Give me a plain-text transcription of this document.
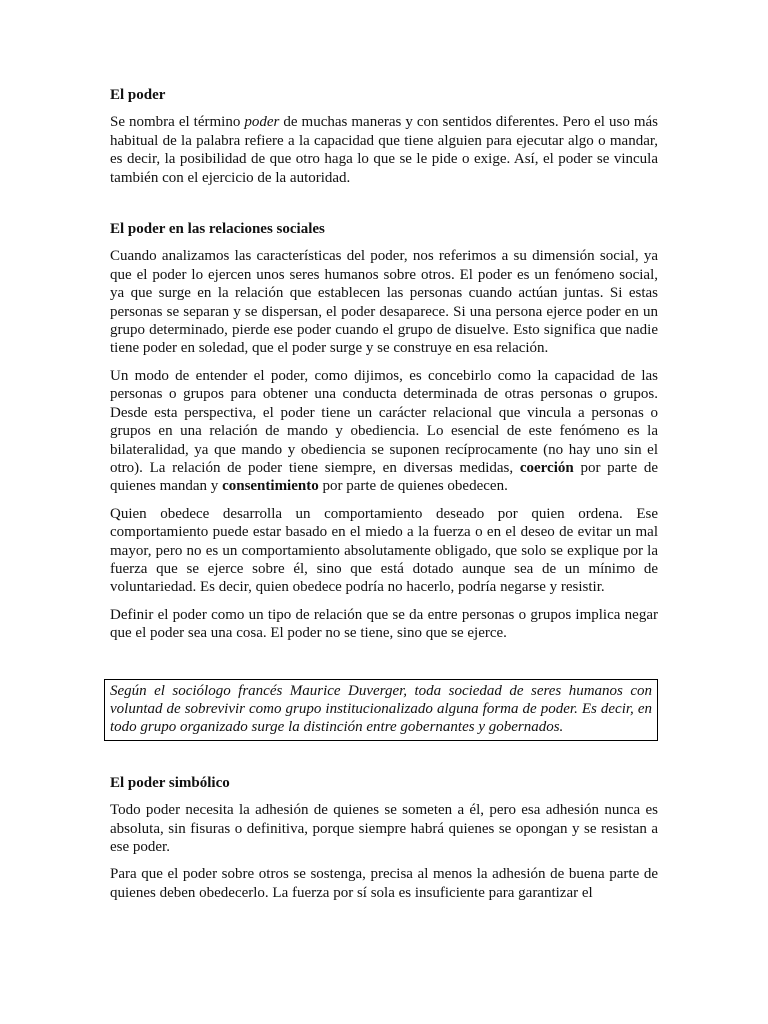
El poder

Se nombra el término poder de muchas maneras y con sentidos diferentes. Pero el uso más habitual de la palabra refiere a la capacidad que tiene alguien para ejecutar algo o mandar, es decir, la posibilidad de que otro haga lo que se le pide o exige. Así, el poder se vincula también con el ejercicio de la autoridad.

El poder en las relaciones sociales

Cuando analizamos las características del poder, nos referimos a su dimensión social, ya que el poder lo ejercen unos seres humanos sobre otros. El poder es un fenómeno social, ya que surge en la relación que establecen las personas cuando actúan juntas. Si estas personas se separan y se dispersan, el poder desaparece. Si una persona ejerce poder en un grupo determinado, pierde ese poder cuando el grupo de disuelve. Esto significa que nadie tiene poder en soledad, que el poder surge y se construye en esa relación.

Un modo de entender el poder, como dijimos, es concebirlo como la capacidad de las personas o grupos para obtener una conducta determinada de otras personas o grupos. Desde esta perspectiva, el poder tiene un carácter relacional que vincula a personas o grupos en una relación de mando y obediencia. Lo esencial de este fenómeno es la bilateralidad, ya que mando y obediencia se suponen recíprocamente (no hay uno sin el otro). La relación de poder tiene siempre, en diversas medidas, coerción por parte de quienes mandan y consentimiento por parte de quienes obedecen.

Quien obedece desarrolla un comportamiento deseado por quien ordena. Ese comportamiento puede estar basado en el miedo a la fuerza o en el deseo de evitar un mal mayor, pero no es un comportamiento absolutamente obligado, que solo se explique por la fuerza que se ejerce sobre él, sino que está dotado aunque sea de un mínimo de voluntariedad. Es decir, quien obedece podría no hacerlo, podría negarse y resistir.

Definir el poder como un tipo de relación que se da entre personas o grupos implica negar que el poder sea una cosa. El poder no se tiene, sino que se ejerce.

Según el sociólogo francés Maurice Duverger, toda sociedad de seres humanos con voluntad de sobrevivir como grupo institucionalizado alguna forma de poder. Es decir, en todo grupo organizado surge la distinción entre gobernantes y gobernados.

El poder simbólico

Todo poder necesita la adhesión de quienes se someten a él, pero esa adhesión nunca es absoluta, sin fisuras o definitiva, porque siempre habrá quienes se opongan y se resistan a ese poder.

Para que el poder sobre otros se sostenga, precisa al menos la adhesión de buena parte de quienes deben obedecerlo. La fuerza por sí sola es insuficiente para garantizar el
